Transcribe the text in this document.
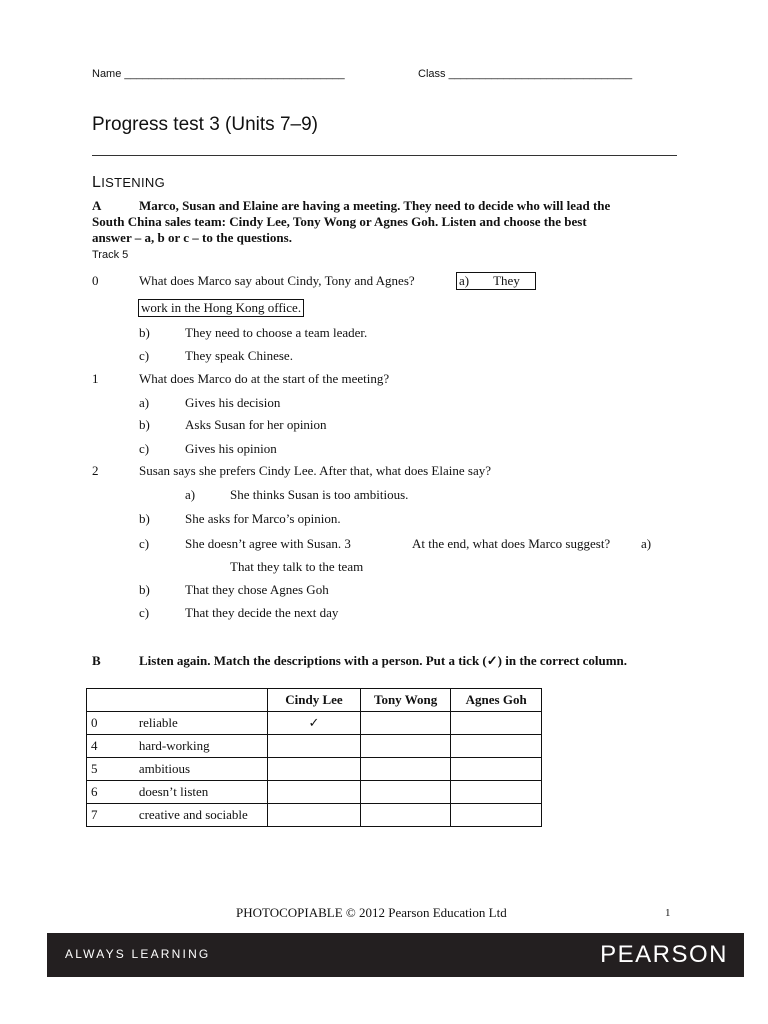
Name ____________________________________	Class ______________________________
Progress test 3 (Units 7–9)
LISTENING
A	Marco, Susan and Elaine are having a meeting. They need to decide who will lead the
South China sales team: Cindy Lee, Tony Wong or Agnes Goh. Listen and choose the best
answer – a, b or c – to the questions.
Track 5
0	What does Marco say about Cindy, Tony and Agnes?	a) They
work in the Hong Kong office.
b)	They need to choose a team leader.
c)	They speak Chinese.
1	What does Marco do at the start of the meeting?
a)	Gives his decision
b)	Asks Susan for her opinion
c)	Gives his opinion
2	Susan says she prefers Cindy Lee. After that, what does Elaine say?
a)	She thinks Susan is too ambitious.
b)	She asks for Marco’s opinion.
c)	She doesn’t agree with Susan. 3	At the end, what does Marco suggest? a)
That they talk to the team
b)	That they chose Agnes Goh
c)	That they decide the next day
B	Listen again. Match the descriptions with a person. Put a tick (✓) in the correct column.
		Cindy Lee	Tony Wong	Agnes Goh
0	reliable	✓		
4	hard-working			
5	ambitious			
6	doesn’t listen			
7	creative and sociable			
PHOTOCOPIABLE © 2012 Pearson Education Ltd	1
ALWAYS LEARNING	PEARSON
